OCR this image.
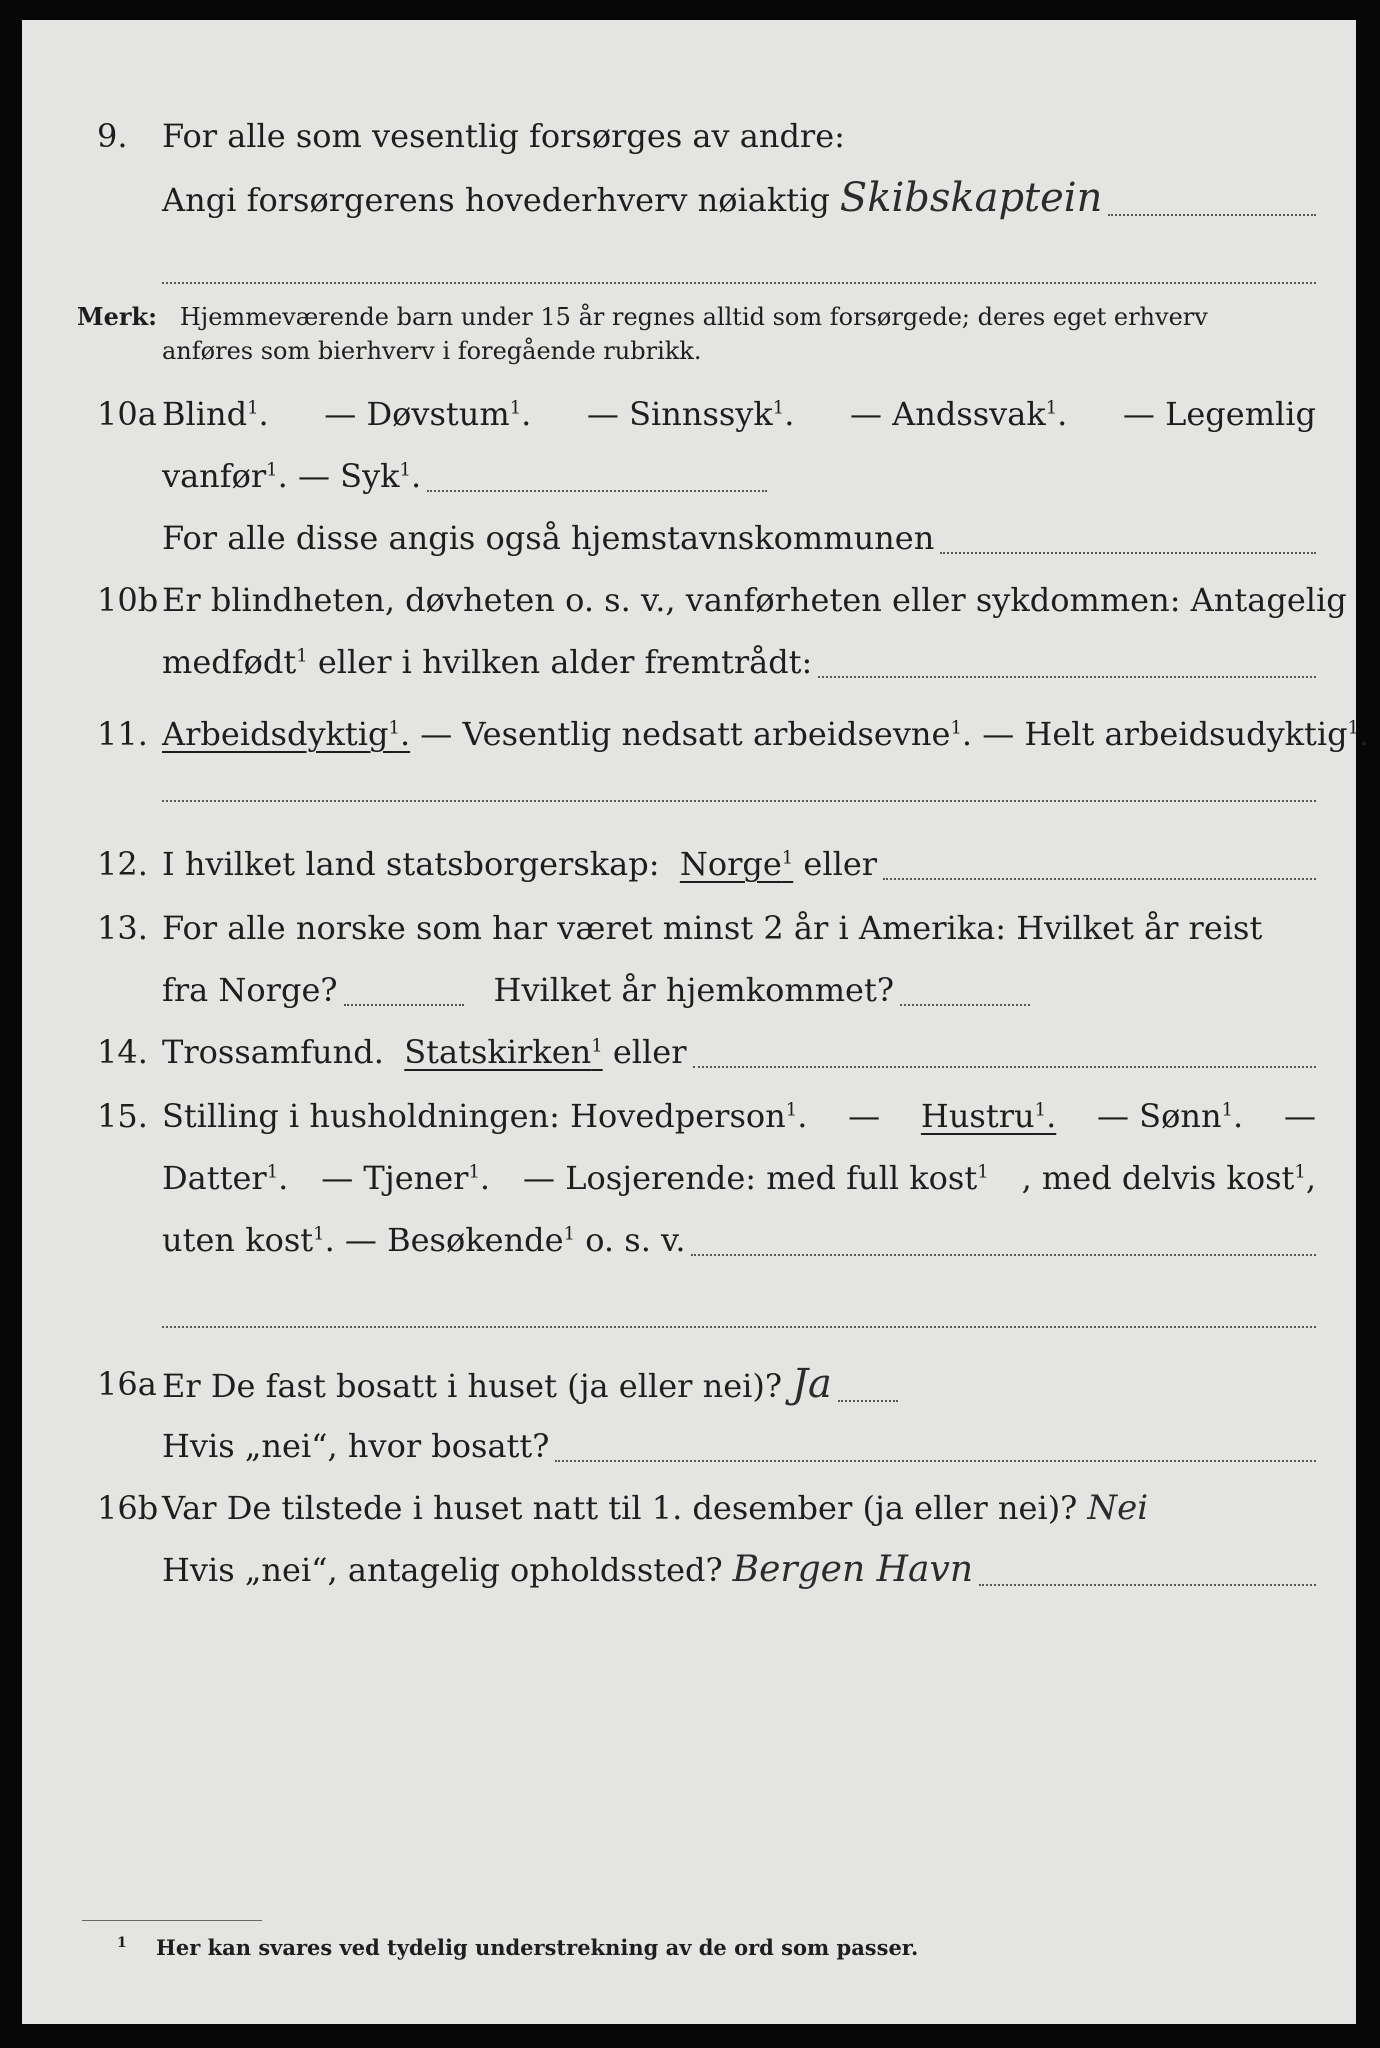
9. For alle som vesentlig forsørges av andre:
Angi forsørgerens hovederhverv nøiaktig Skibskaptein
Merk: Hjemmeværende barn under 15 år regnes alltid som forsørgede; deres eget erhverv
anføres som bierhverv i foregående rubrikk.
10a Blind$^1$. — Døvstum$^1$. — Sinnssyk$^1$. — Andssvak$^1$. — Legemlig
vanfør$^1$.
— Syk$^1$.
For alle disse angis også hjemstavnskommunen
10b Er blindheten, døvheten o. s. v., vanførheten eller sykdommen: Antagelig
medfødt$^1$
eller i hvilken alder fremtrådt:
11. Arbeidsdyktig$^1$.
— Vesentlig nedsatt arbeidsevne$^1$.
— Helt arbeidsudyktig$^1$.
12. I hvilket land statsborgerskap:
Norge$^1$
eller
13. For alle norske som har været minst 2 år i Amerika: Hvilket år reist
fra Norge?	Hvilket år hjemkommet?
14. Trossamfund.
Statskirken$^1$
eller
15. Stilling i husholdningen: Hovedperson$^1$. — Hustru$^1$. — Sønn$^1$. —
Datter$^1$. — Tjener$^1$. — Losjerende: med full kost$^1$ , med delvis kost$^1$,
uten kost$^1$.
— Besøkende$^1$
o. s. v.
16a Er De fast bosatt i huset (ja eller nei)? Ja
Hvis „nei“, hvor bosatt?
16b Var De tilstede i huset natt til 1. desember (ja eller nei)? Nei
Hvis „nei“, antagelig opholdssted? Bergen Havn
$^1$ Her kan svares ved tydelig understrekning av de ord som passer.
